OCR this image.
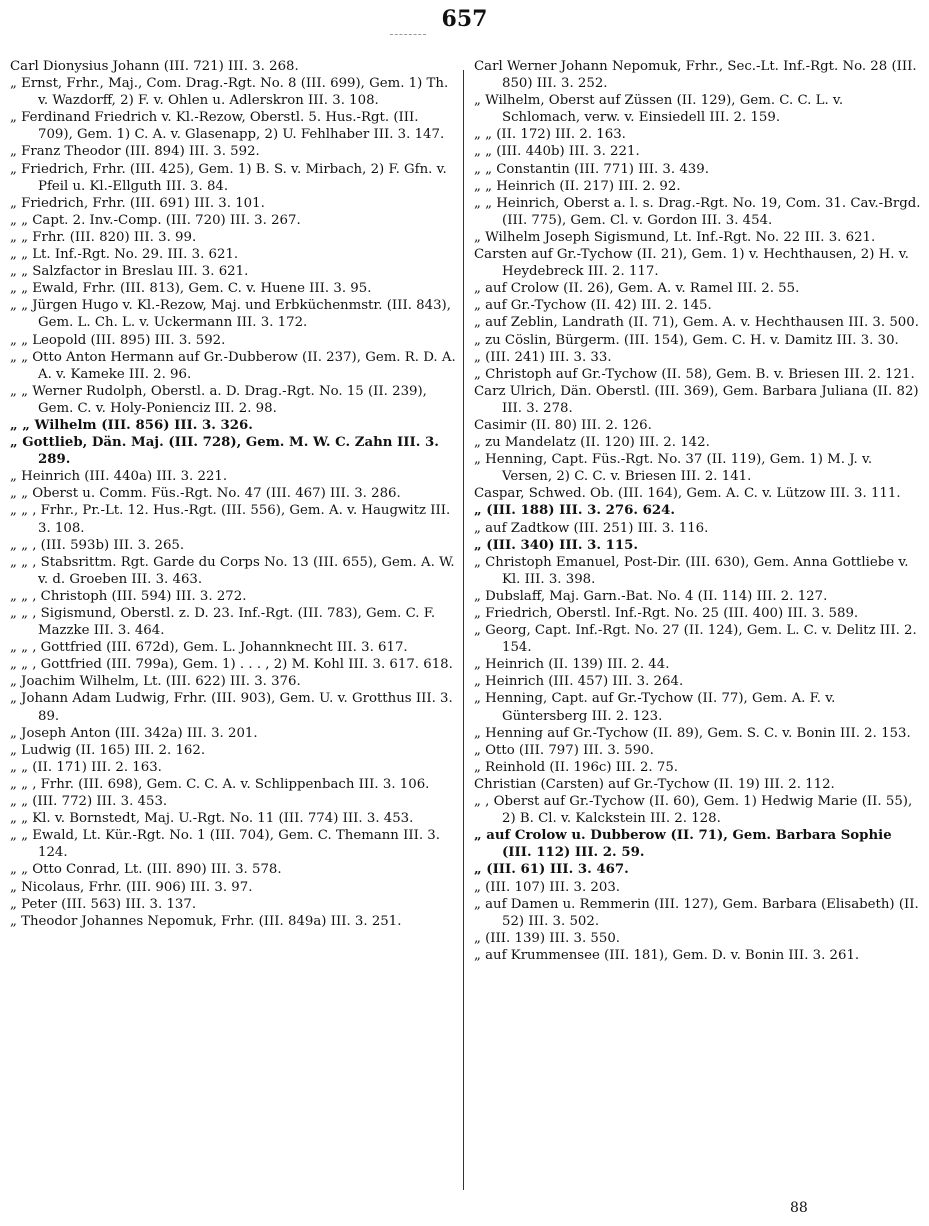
657

Carl Dionysius Johann (III. 721) III. 3. 268.

„ Ernst, Frhr., Maj., Com. Drag.-Rgt. No. 8 (III. 699), Gem. 1) Th. v. Wazdorff, 2) F. v. Ohlen u. Adlerskron III. 3. 108.

„ Ferdinand Friedrich v. Kl.-Rezow, Oberstl. 5. Hus.-Rgt. (III. 709), Gem. 1) C. A. v. Glasenapp, 2) U. Fehlhaber III. 3. 147.

„ Franz Theodor (III. 894) III. 3. 592.

„ Friedrich, Frhr. (III. 425), Gem. 1) B. S. v. Mirbach, 2) F. Gfn. v. Pfeil u. Kl.-Ellguth III. 3. 84.

„ Friedrich, Frhr. (III. 691) III. 3. 101.

„ „ Capt. 2. Inv.-Comp. (III. 720) III. 3. 267.

„ „ Frhr. (III. 820) III. 3. 99.

„ „ Lt. Inf.-Rgt. No. 29. III. 3. 621.

„ „ Salzfactor in Breslau III. 3. 621.

„ „ Ewald, Frhr. (III. 813), Gem. C. v. Huene III. 3. 95.

„ „ Jürgen Hugo v. Kl.-Rezow, Maj. und Erbküchenmstr. (III. 843), Gem. L. Ch. L. v. Uckermann III. 3. 172.

„ „ Leopold (III. 895) III. 3. 592.

„ „ Otto Anton Hermann auf Gr.-Dubberow (II. 237), Gem. R. D. A. A. v. Kameke III. 2. 96.

„ „ Werner Rudolph, Oberstl. a. D. Drag.-Rgt. No. 15 (II. 239), Gem. C. v. Holy-Ponienciz III. 2. 98.

„ „ Wilhelm (III. 856) III. 3. 326.

„ Gottlieb, Dän. Maj. (III. 728), Gem. M. W. C. Zahn III. 3. 289.

„ Heinrich (III. 440a) III. 3. 221.

„ „ Oberst u. Comm. Füs.-Rgt. No. 47 (III. 467) III. 3. 286.

„ „ , Frhr., Pr.-Lt. 12. Hus.-Rgt. (III. 556), Gem. A. v. Haugwitz III. 3. 108.

„ „ , (III. 593b) III. 3. 265.

„ „ , Stabsrittm. Rgt. Garde du Corps No. 13 (III. 655), Gem. A. W. v. d. Groeben III. 3. 463.

„ „ , Christoph (III. 594) III. 3. 272.

„ „ , Sigismund, Oberstl. z. D. 23. Inf.-Rgt. (III. 783), Gem. C. F. Mazzke III. 3. 464.

„ „ , Gottfried (III. 672d), Gem. L. Johannknecht III. 3. 617.

„ „ , Gottfried (III. 799a), Gem. 1) . . . , 2) M. Kohl III. 3. 617. 618.

„ Joachim Wilhelm, Lt. (III. 622) III. 3. 376.

„ Johann Adam Ludwig, Frhr. (III. 903), Gem. U. v. Grotthus III. 3. 89.

„ Joseph Anton (III. 342a) III. 3. 201.

„ Ludwig (II. 165) III. 2. 162.

„ „ (II. 171) III. 2. 163.

„ „ , Frhr. (III. 698), Gem. C. C. A. v. Schlippenbach III. 3. 106.

„ „ (III. 772) III. 3. 453.

„ „ Kl. v. Bornstedt, Maj. U.-Rgt. No. 11 (III. 774) III. 3. 453.

„ „ Ewald, Lt. Kür.-Rgt. No. 1 (III. 704), Gem. C. Themann III. 3. 124.

„ „ Otto Conrad, Lt. (III. 890) III. 3. 578.

„ Nicolaus, Frhr. (III. 906) III. 3. 97.

„ Peter (III. 563) III. 3. 137.

„ Theodor Johannes Nepomuk, Frhr. (III. 849a) III. 3. 251.

Carl Werner Johann Nepomuk, Frhr., Sec.-Lt. Inf.-Rgt. No. 28 (III. 850) III. 3. 252.

„ Wilhelm, Oberst auf Züssen (II. 129), Gem. C. C. L. v. Schlomach, verw. v. Einsiedell III. 2. 159.

„ „ (II. 172) III. 2. 163.

„ „ (III. 440b) III. 3. 221.

„ „ Constantin (III. 771) III. 3. 439.

„ „ Heinrich (II. 217) III. 2. 92.

„ „ Heinrich, Oberst a. l. s. Drag.-Rgt. No. 19, Com. 31. Cav.-Brgd. (III. 775), Gem. Cl. v. Gordon III. 3. 454.

„ Wilhelm Joseph Sigismund, Lt. Inf.-Rgt. No. 22 III. 3. 621.

Carsten auf Gr.-Tychow (II. 21), Gem. 1) v. Hechthausen, 2) H. v. Heydebreck III. 2. 117.

„ auf Crolow (II. 26), Gem. A. v. Ramel III. 2. 55.

„ auf Gr.-Tychow (II. 42) III. 2. 145.

„ auf Zeblin, Landrath (II. 71), Gem. A. v. Hechthausen III. 3. 500.

„ zu Cöslin, Bürgerm. (III. 154), Gem. C. H. v. Damitz III. 3. 30.

„ (III. 241) III. 3. 33.

„ Christoph auf Gr.-Tychow (II. 58), Gem. B. v. Briesen III. 2. 121.

Carz Ulrich, Dän. Oberstl. (III. 369), Gem. Barbara Juliana (II. 82) III. 3. 278.

Casimir (II. 80) III. 2. 126.

„ zu Mandelatz (II. 120) III. 2. 142.

„ Henning, Capt. Füs.-Rgt. No. 37 (II. 119), Gem. 1) M. J. v. Versen, 2) C. C. v. Briesen III. 2. 141.

Caspar, Schwed. Ob. (III. 164), Gem. A. C. v. Lützow III. 3. 111.

„ (III. 188) III. 3. 276. 624.

„ auf Zadtkow (III. 251) III. 3. 116.

„ (III. 340) III. 3. 115.

„ Christoph Emanuel, Post-Dir. (III. 630), Gem. Anna Gottliebe v. Kl. III. 3. 398.

„ Dubslaff, Maj. Garn.-Bat. No. 4 (II. 114) III. 2. 127.

„ Friedrich, Oberstl. Inf.-Rgt. No. 25 (III. 400) III. 3. 589.

„ Georg, Capt. Inf.-Rgt. No. 27 (II. 124), Gem. L. C. v. Delitz III. 2. 154.

„ Heinrich (II. 139) III. 2. 44.

„ Heinrich (III. 457) III. 3. 264.

„ Henning, Capt. auf Gr.-Tychow (II. 77), Gem. A. F. v. Güntersberg III. 2. 123.

„ Henning auf Gr.-Tychow (II. 89), Gem. S. C. v. Bonin III. 2. 153.

„ Otto (III. 797) III. 3. 590.

„ Reinhold (II. 196c) III. 2. 75.

Christian (Carsten) auf Gr.-Tychow (II. 19) III. 2. 112.

„ , Oberst auf Gr.-Tychow (II. 60), Gem. 1) Hedwig Marie (II. 55), 2) B. Cl. v. Kalckstein III. 2. 128.

„ auf Crolow u. Dubberow (II. 71), Gem. Barbara Sophie (III. 112) III. 2. 59.

„ (III. 61) III. 3. 467.

„ (III. 107) III. 3. 203.

„ auf Damen u. Remmerin (III. 127), Gem. Barbara (Elisabeth) (II. 52) III. 3. 502.

„ (III. 139) III. 3. 550.

„ auf Krummensee (III. 181), Gem. D. v. Bonin III. 3. 261.

88
